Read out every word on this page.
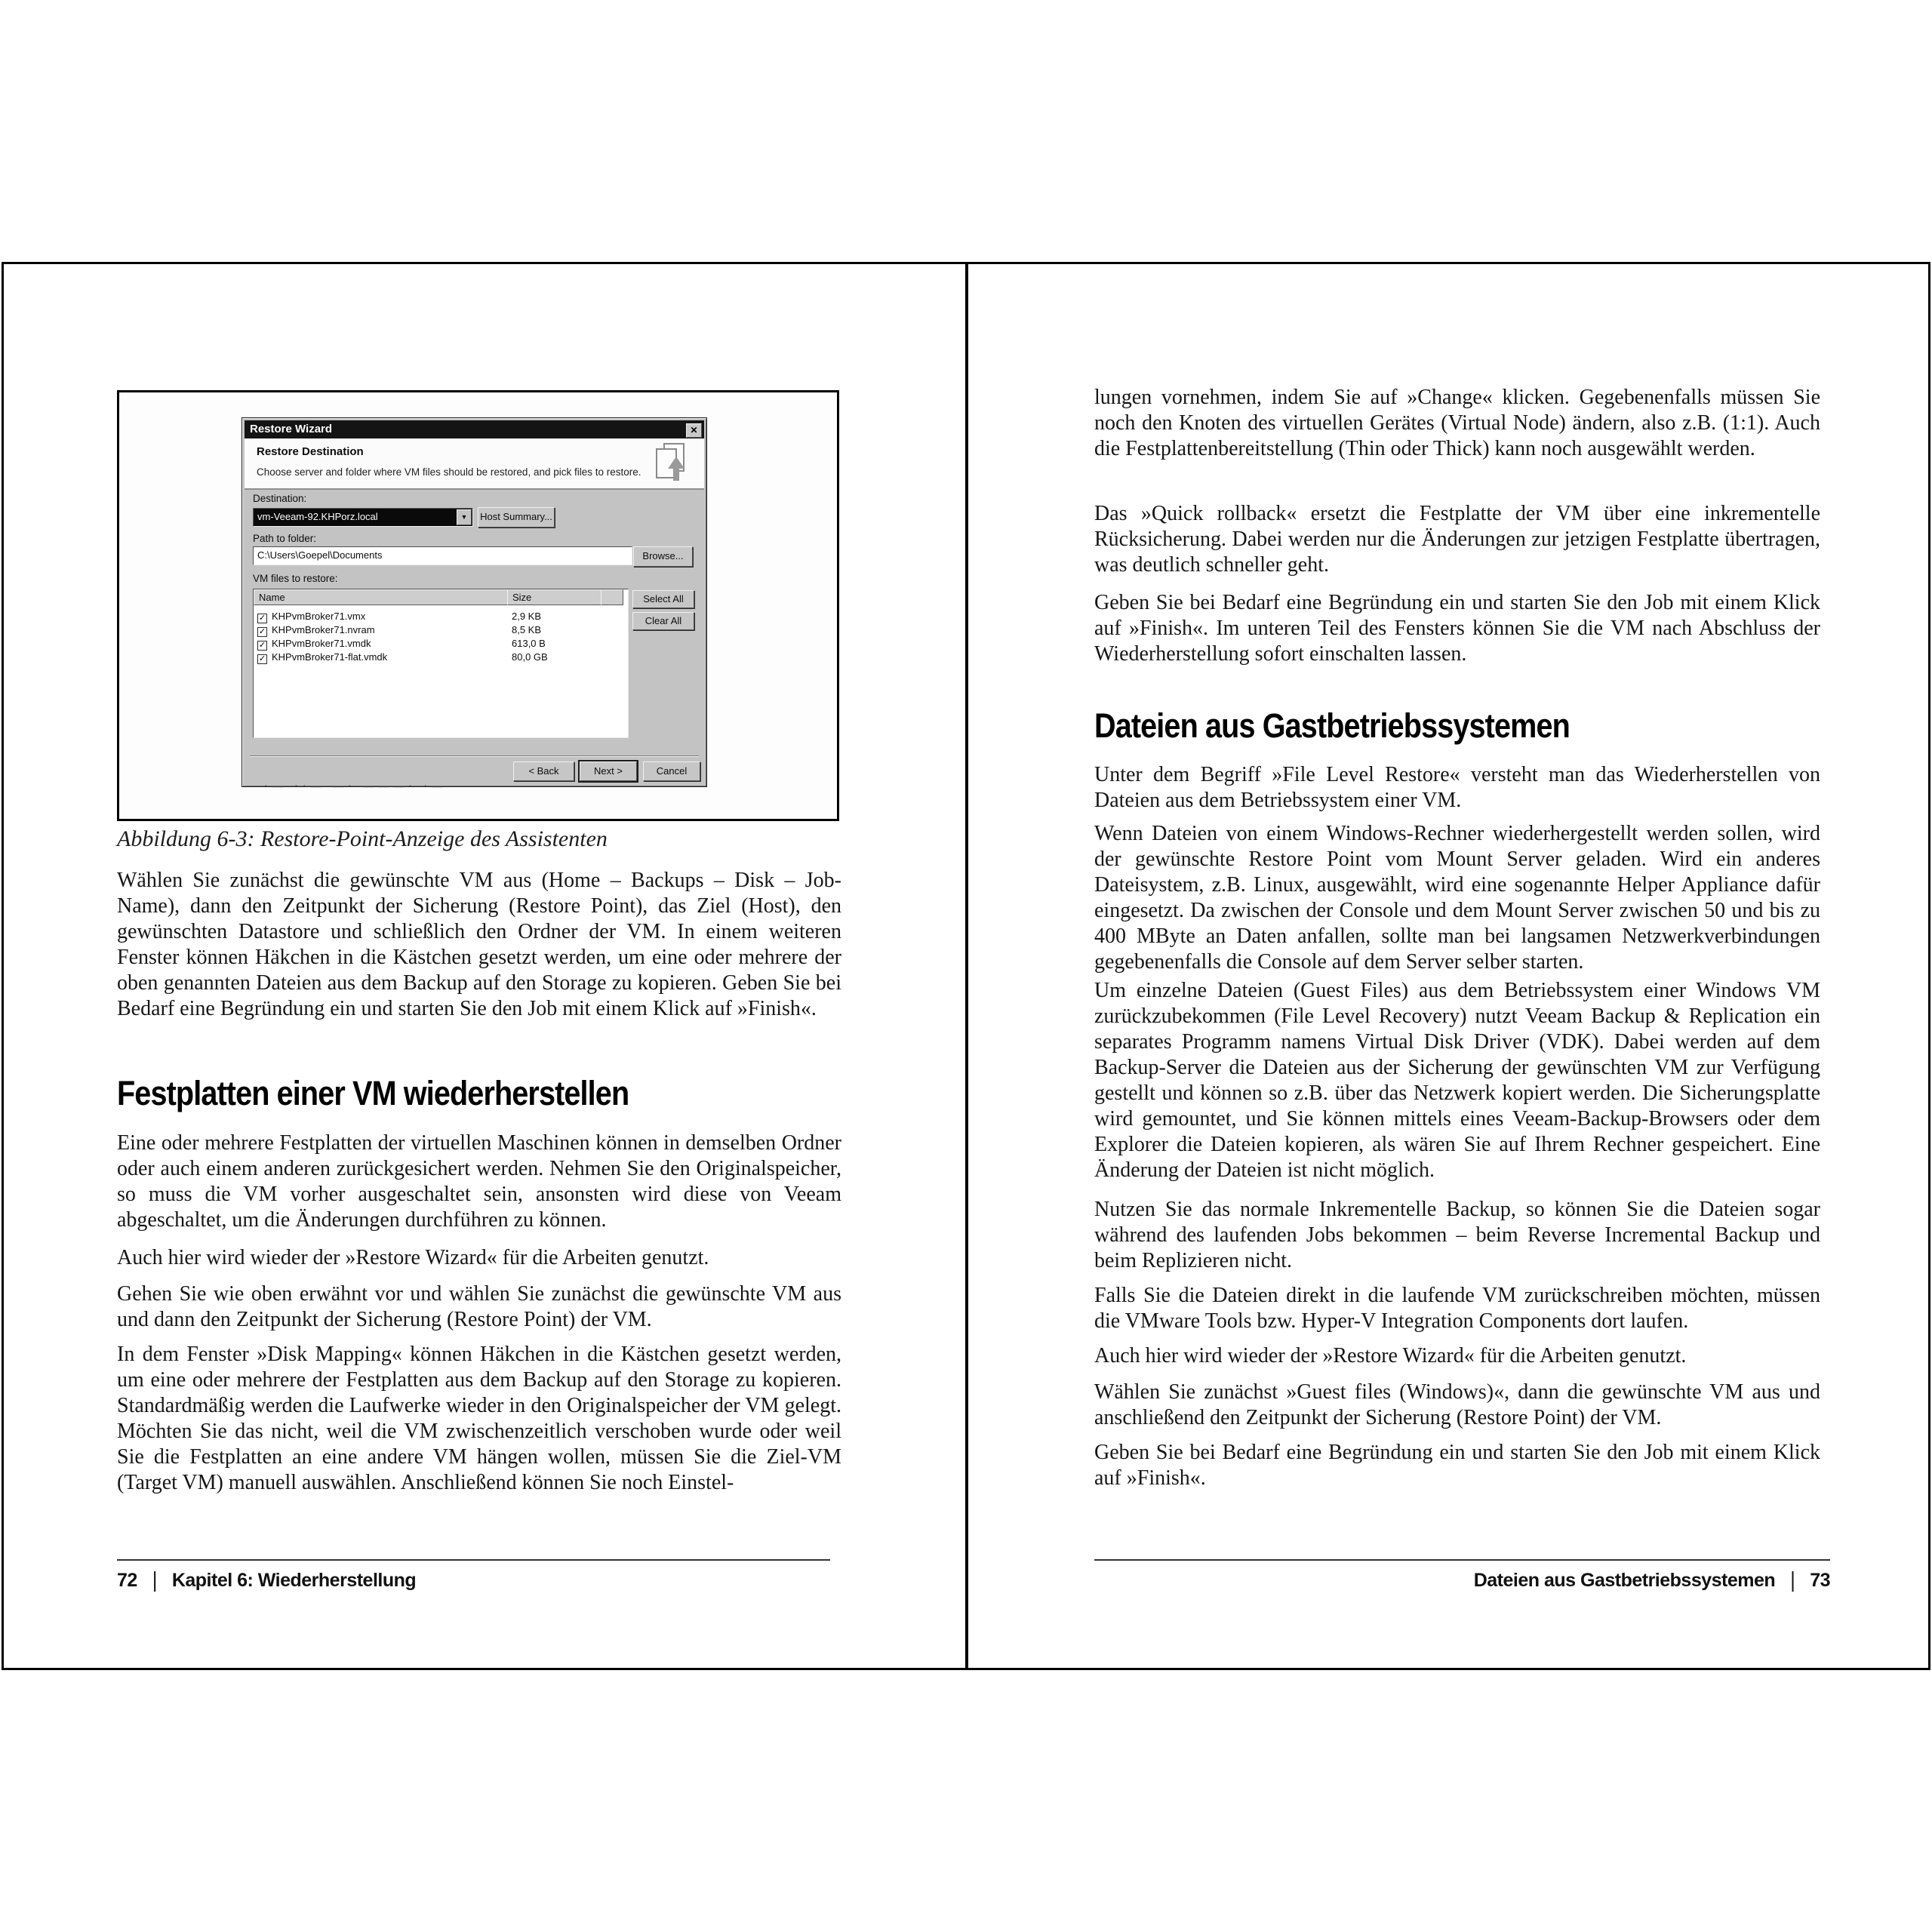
Restore Wizard	✕
Restore Destination
Choose server and folder where VM files should be restored, and pick files to restore.
Destination:
vm-Veeam-92.KHPorz.local	▼	Host Summary...
Path to folder:
C:\Users\Goepel\Documents	Browse...
VM files to restore:
Name	Size
✓ KHPvmBroker71.vmx	2,9 KB
✓ KHPvmBroker71.nvram	8,5 KB
✓ KHPvmBroker71.vmdk	613,0 B
✓ KHPvmBroker71-flat.vmdk	80,0 GB
Select All
Clear All
< Back	Next >	Cancel
·― ··― ―· ―――· ·―
Abbildung 6-3: Restore-Point-Anzeige des Assistenten
Wählen Sie zunächst die gewünschte VM aus (Home – Backups – Disk – Job-Name), dann den Zeitpunkt der Sicherung (Restore Point), das Ziel (Host), den gewünschten Datastore und schließlich den Ordner der VM. In einem weiteren Fenster können Häkchen in die Kästchen gesetzt werden, um eine oder mehrere der oben genannten Dateien aus dem Backup auf den Storage zu kopieren. Geben Sie bei Bedarf eine Begründung ein und starten Sie den Job mit einem Klick auf »Finish«.
Festplatten einer VM wiederherstellen
Eine oder mehrere Festplatten der virtuellen Maschinen können in demselben Ordner oder auch einem anderen zurückgesichert werden. Nehmen Sie den Originalspeicher, so muss die VM vorher ausgeschaltet sein, ansonsten wird diese von Veeam abgeschaltet, um die Änderungen durchführen zu können.
Auch hier wird wieder der »Restore Wizard« für die Arbeiten genutzt.
Gehen Sie wie oben erwähnt vor und wählen Sie zunächst die gewünschte VM aus und dann den Zeitpunkt der Sicherung (Restore Point) der VM.
In dem Fenster »Disk Mapping« können Häkchen in die Kästchen gesetzt werden, um eine oder mehrere der Festplatten aus dem Backup auf den Storage zu kopieren. Standardmäßig werden die Laufwerke wieder in den Originalspeicher der VM gelegt. Möchten Sie das nicht, weil die VM zwischenzeitlich verschoben wurde oder weil Sie die Festplatten an eine andere VM hängen wollen, müssen Sie die Ziel-VM (Target VM) manuell auswählen. Anschließend können Sie noch Einstel-
72 | Kapitel 6: Wiederherstellung
lungen vornehmen, indem Sie auf »Change« klicken. Gegebenenfalls müssen Sie noch den Knoten des virtuellen Gerätes (Virtual Node) ändern, also z.B. (1:1). Auch die Festplattenbereitstellung (Thin oder Thick) kann noch ausgewählt werden.
Das »Quick rollback« ersetzt die Festplatte der VM über eine inkrementelle Rücksicherung. Dabei werden nur die Änderungen zur jetzigen Festplatte übertragen, was deutlich schneller geht.
Geben Sie bei Bedarf eine Begründung ein und starten Sie den Job mit einem Klick auf »Finish«. Im unteren Teil des Fensters können Sie die VM nach Abschluss der Wiederherstellung sofort einschalten lassen.
Dateien aus Gastbetriebssystemen
Unter dem Begriff »File Level Restore« versteht man das Wiederherstellen von Dateien aus dem Betriebssystem einer VM.
Wenn Dateien von einem Windows-Rechner wiederhergestellt werden sollen, wird der gewünschte Restore Point vom Mount Server geladen. Wird ein anderes Dateisystem, z.B. Linux, ausgewählt, wird eine sogenannte Helper Appliance dafür eingesetzt. Da zwischen der Console und dem Mount Server zwischen 50 und bis zu 400 MByte an Daten anfallen, sollte man bei langsamen Netzwerkverbindungen gegebenenfalls die Console auf dem Server selber starten.
Um einzelne Dateien (Guest Files) aus dem Betriebssystem einer Windows VM zurückzubekommen (File Level Recovery) nutzt Veeam Backup & Replication ein separates Programm namens Virtual Disk Driver (VDK). Dabei werden auf dem Backup-Server die Dateien aus der Sicherung der gewünschten VM zur Verfügung gestellt und können so z.B. über das Netzwerk kopiert werden. Die Sicherungsplatte wird gemountet, und Sie können mittels eines Veeam-Backup-Browsers oder dem Explorer die Dateien kopieren, als wären Sie auf Ihrem Rechner gespeichert. Eine Änderung der Dateien ist nicht möglich.
Nutzen Sie das normale Inkrementelle Backup, so können Sie die Dateien sogar während des laufenden Jobs bekommen – beim Reverse Incremental Backup und beim Replizieren nicht.
Falls Sie die Dateien direkt in die laufende VM zurückschreiben möchten, müssen die VMware Tools bzw. Hyper-V Integration Components dort laufen.
Auch hier wird wieder der »Restore Wizard« für die Arbeiten genutzt.
Wählen Sie zunächst »Guest files (Windows)«, dann die gewünschte VM aus und anschließend den Zeitpunkt der Sicherung (Restore Point) der VM.
Geben Sie bei Bedarf eine Begründung ein und starten Sie den Job mit einem Klick auf »Finish«.
Dateien aus Gastbetriebssystemen | 73
